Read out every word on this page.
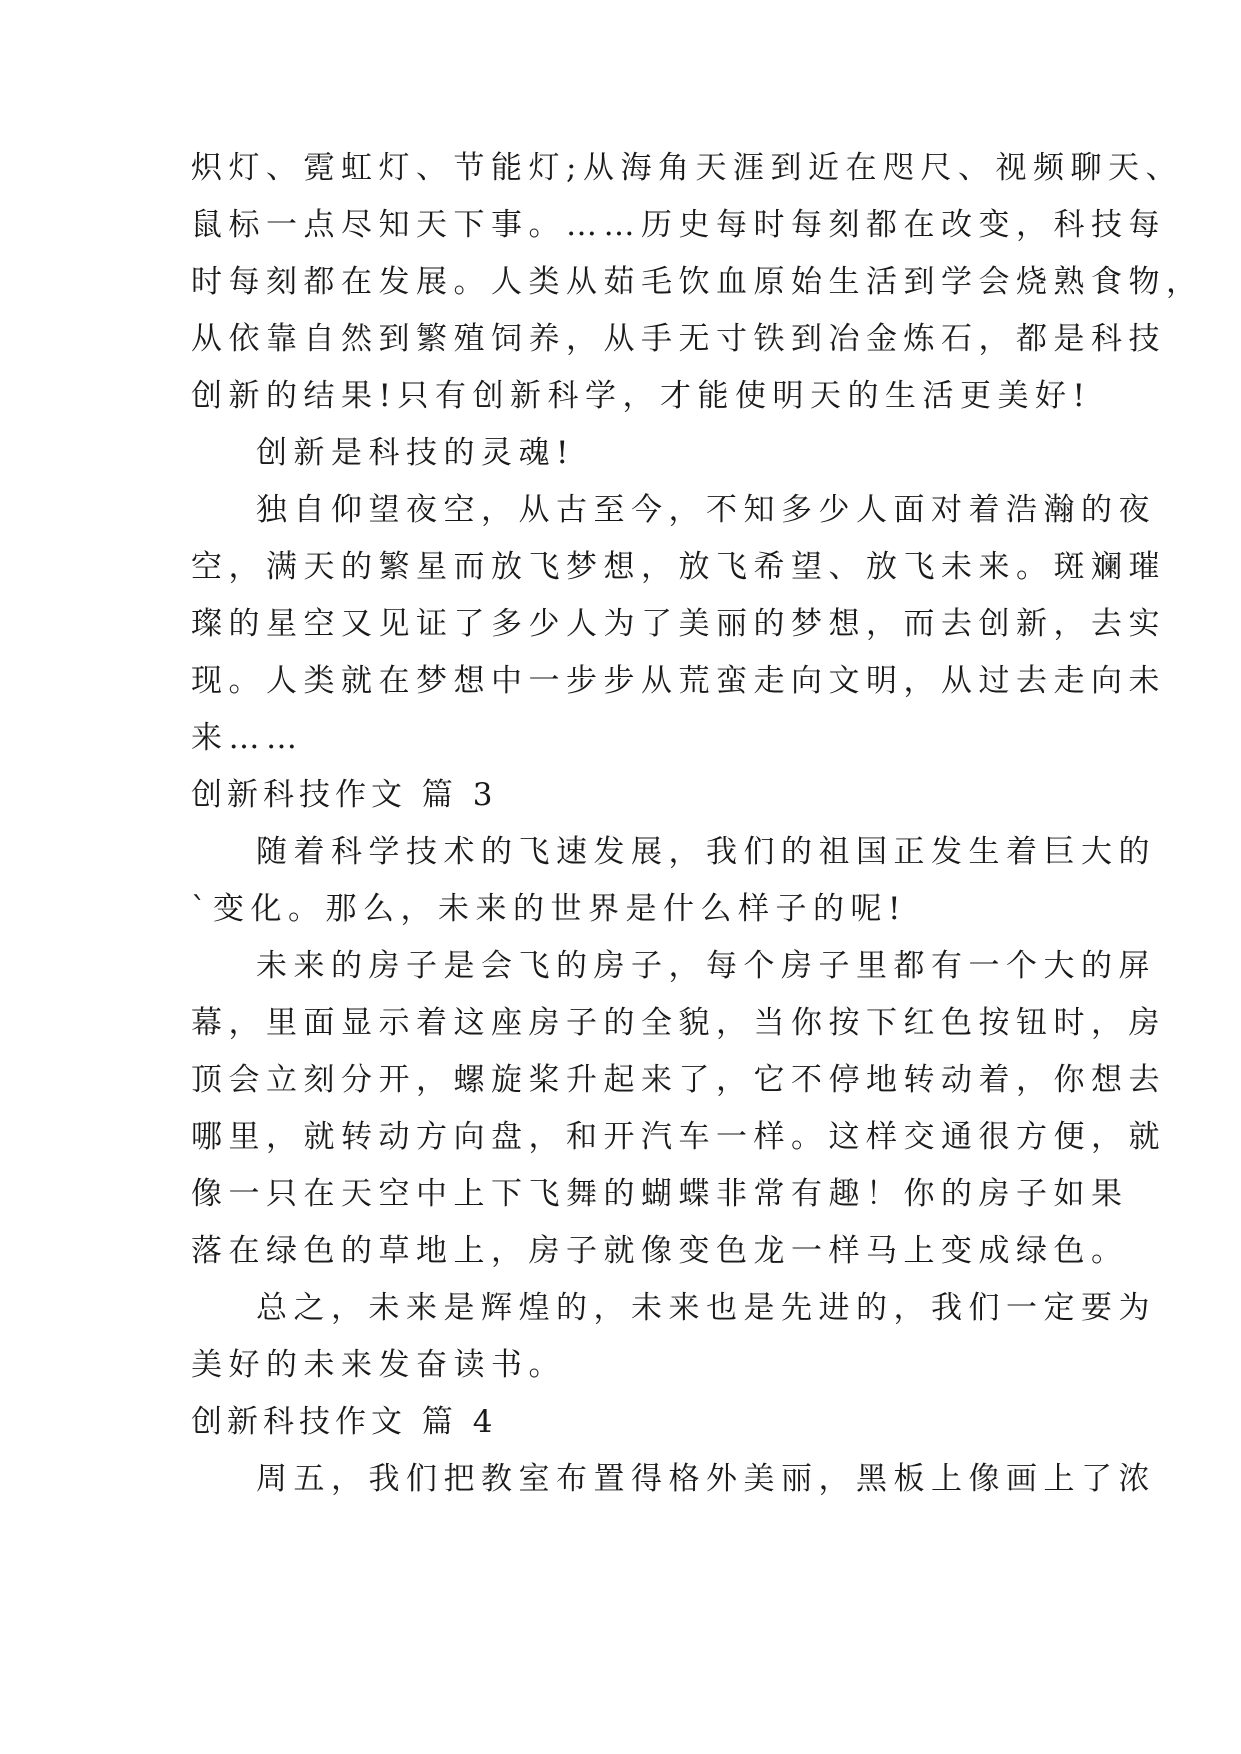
炽灯、霓虹灯、节能灯;从海角天涯到近在咫尺、视频聊天、
鼠标一点尽知天下事。……历史每时每刻都在改变，科技每
时每刻都在发展。人类从茹毛饮血原始生活到学会烧熟食物，
从依靠自然到繁殖饲养，从手无寸铁到冶金炼石，都是科技
创新的结果!只有创新科学，才能使明天的生活更美好!
创新是科技的灵魂!
独自仰望夜空，从古至今，不知多少人面对着浩瀚的夜
空，满天的繁星而放飞梦想，放飞希望、放飞未来。斑斓璀
璨的星空又见证了多少人为了美丽的梦想，而去创新，去实
现。人类就在梦想中一步步从荒蛮走向文明，从过去走向未
来……
创新科技作文 篇 3
随着科学技术的飞速发展，我们的祖国正发生着巨大的
`变化。那么，未来的世界是什么样子的呢!
未来的房子是会飞的房子，每个房子里都有一个大的屏
幕，里面显示着这座房子的全貌，当你按下红色按钮时，房
顶会立刻分开，螺旋桨升起来了，它不停地转动着，你想去
哪里，就转动方向盘，和开汽车一样。这样交通很方便，就
像一只在天空中上下飞舞的蝴蝶非常有趣！你的房子如果
落在绿色的草地上，房子就像变色龙一样马上变成绿色。
总之，未来是辉煌的，未来也是先进的，我们一定要为
美好的未来发奋读书。
创新科技作文 篇 4
周五，我们把教室布置得格外美丽，黑板上像画上了浓
